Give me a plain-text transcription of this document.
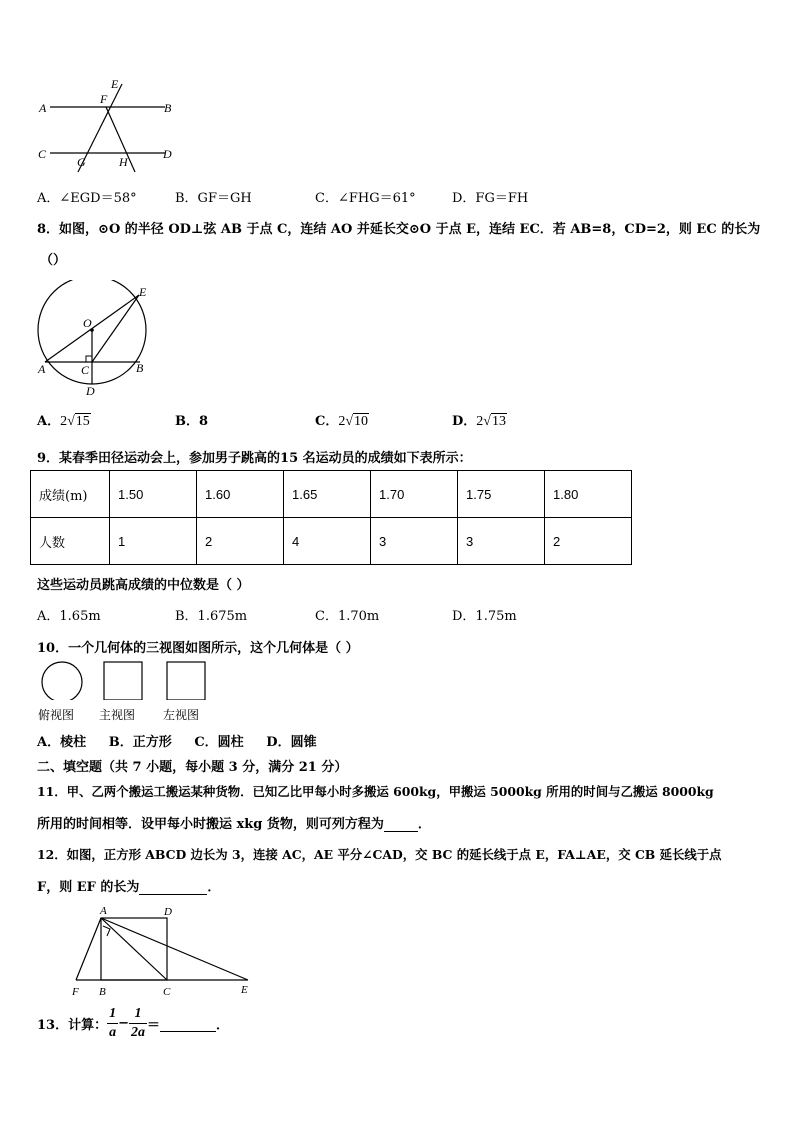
A	B
C	D
E
F
G	H
A．∠EGD＝58°	B．GF＝GH	C．∠FHG＝61°	D．FG＝FH
8．如图，⊙O 的半径 OD⊥弦 AB 于点 C，连结 AO 并延长交⊙O 于点 E，连结 EC．若 AB=8，CD=2，则 EC 的长为
（）
O
E
A	C	B
D
A．2√15	B．8	C．2√10	D．2√13
9．某春季田径运动会上，参加男子跳高的15 名运动员的成绩如下表所示：
成绩(m)	1.50	1.60	1.65	1.70	1.75	1.80
人数	1	2	4	3	3	2
这些运动员跳高成绩的中位数是（ ）
A．1.65m	B．1.675m	C．1.70m	D．1.75m
10．一个几何体的三视图如图所示，这个几何体是（ ）
俯视图 主视图 左视图
A．棱柱     B．正方形     C．圆柱     D．圆锥
二、填空题（共 7 小题，每小题 3 分，满分 21 分）
11．甲、乙两个搬运工搬运某种货物．已知乙比甲每小时多搬运 600kg，甲搬运 5000kg 所用的时间与乙搬运 8000kg
所用的时间相等．设甲每小时搬运 xkg 货物，则可列方程为	．
12．如图，正方形 ABCD 边长为 3，连接 AC，AE 平分∠CAD，交 BC 的延长线于点 E，FA⊥AE，交 CB 延长线于点
F，则 EF 的长为	．
A	D
F B	C	E
13．计算： $\frac{1}{a} - \frac{1}{2a}$ ＝	．
